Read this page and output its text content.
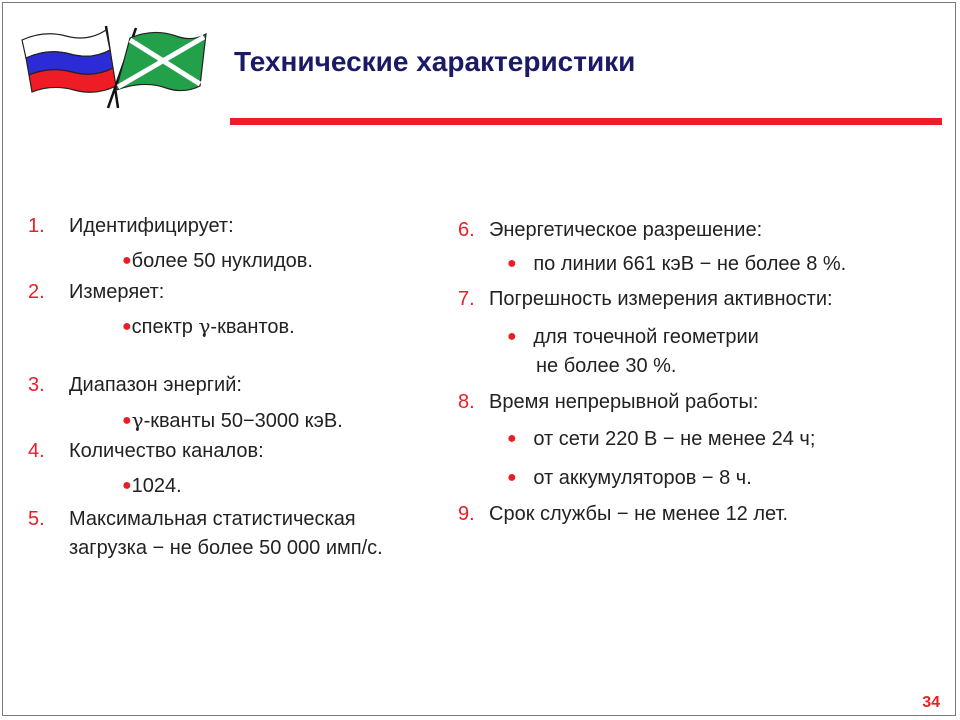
Технические характеристики
1. Идентифицирует:
●более 50 нуклидов.
2. Измеряет:
●спектр γ-квантов.
3. Диапазон энергий:
●γ-кванты 50−3000 кэВ.
4. Количество каналов:
●1024.
5. Максимальная статистическая
загрузка − не более 50 000 имп/с.
6. Энергетическое разрешение:
● по линии 661 кэВ − не более 8 %.
7. Погрешность измерения активности:
● для точечной геометрии
не более 30 %.
8. Время непрерывной работы:
● от сети 220 В − не менее 24 ч;
● от аккумуляторов − 8 ч.
9. Срок службы − не менее 12 лет.
34
